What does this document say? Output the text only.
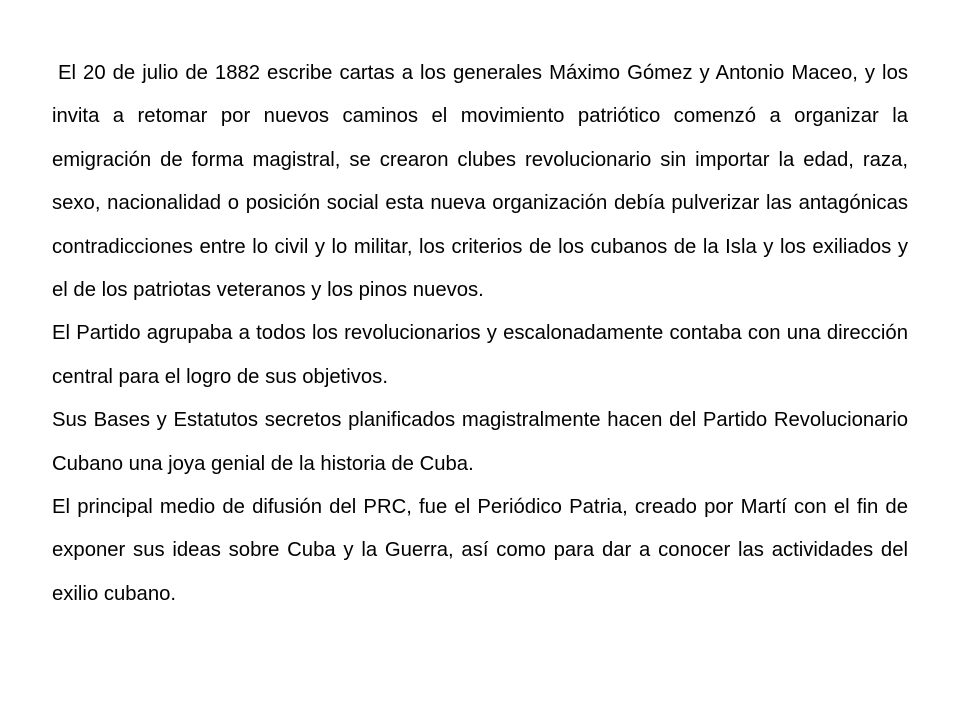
El 20 de julio de 1882 escribe cartas a los generales Máximo Gómez y Antonio Maceo, y los invita a retomar por nuevos caminos el movimiento patriótico comenzó a organizar la emigración de forma magistral, se crearon clubes revolucionario sin importar la edad, raza, sexo, nacionalidad o posición social esta nueva organización debía pulverizar las antagónicas contradicciones entre lo civil y lo militar, los criterios de los cubanos de la Isla y los exiliados y el de los patriotas veteranos y los pinos nuevos.

El Partido agrupaba a todos los revolucionarios y escalonadamente contaba con una dirección central para el logro de sus objetivos.

Sus Bases y Estatutos secretos planificados magistralmente hacen del Partido Revolucionario Cubano una joya genial de la historia de Cuba.

El principal medio de difusión del PRC, fue el Periódico Patria, creado por Martí con el fin de exponer sus ideas sobre Cuba y la Guerra, así como para dar a conocer las actividades del exilio cubano.
